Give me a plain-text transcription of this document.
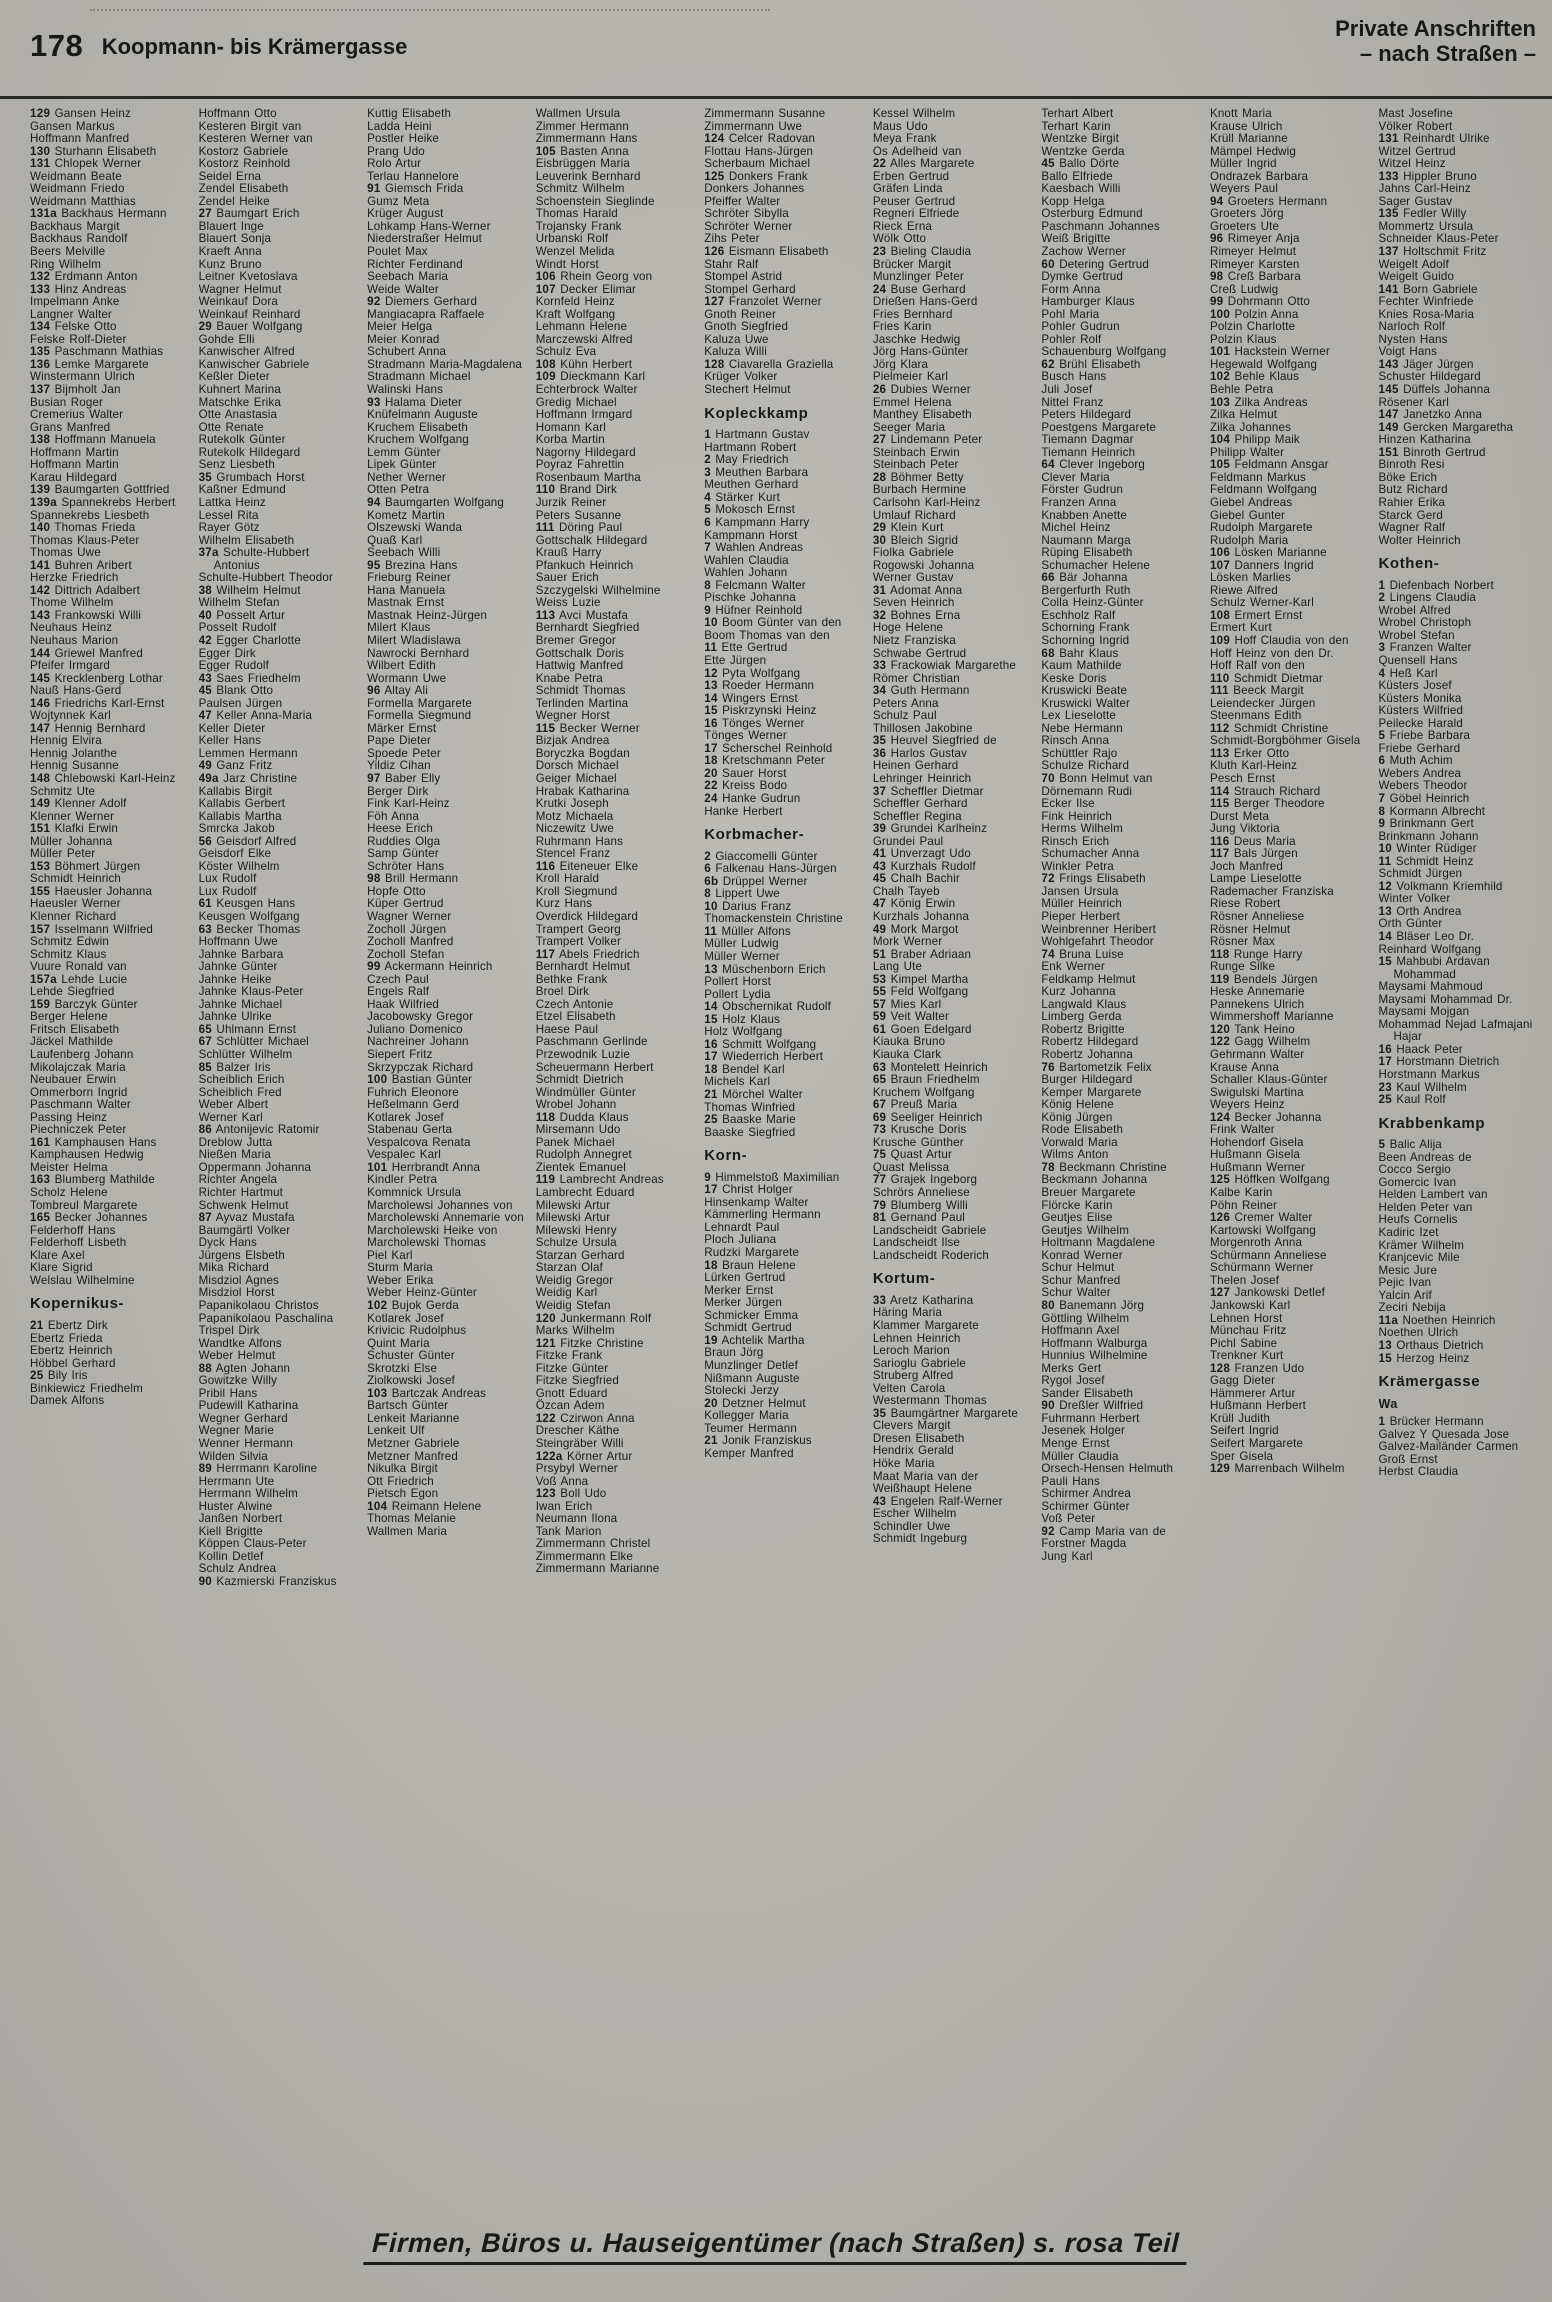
178 Koopmann- bis Krämergasse
Private Anschriften
– nach Straßen –
129 Gansen Heinz
Gansen Markus
Hoffmann Manfred
130 Sturhann Elisabeth
131 Chlopek Werner
Weidmann Beate
Weidmann Friedo
Weidmann Matthias
131a Backhaus Hermann
Backhaus Margit
Backhaus Randolf
Beers Melville
Ring Wilhelm
132 Erdmann Anton
133 Hinz Andreas
Impelmann Anke
Langner Walter
134 Felske Otto
Felske Rolf-Dieter
135 Paschmann Mathias
136 Lemke Margarete
Winstermann Ulrich
137 Bijmholt Jan
Busian Roger
Cremerius Walter
Grans Manfred
138 Hoffmann Manuela
Hoffmann Martin
Hoffmann Martin
Karau Hildegard
139 Baumgarten Gottfried
139a Spannekrebs Herbert
Spannekrebs Liesbeth
140 Thomas Frieda
Thomas Klaus-Peter
Thomas Uwe
141 Buhren Aribert
Herzke Friedrich
142 Dittrich Adalbert
Thome Wilhelm
143 Frankowski Willi
Neuhaus Heinz
Neuhaus Marion
144 Griewel Manfred
Pfeifer Irmgard
145 Krecklenberg Lothar
Nauß Hans-Gerd
146 Friedrichs Karl-Ernst
Wojtynnek Karl
147 Hennig Bernhard
Hennig Elvira
Hennig Jolanthe
Hennig Susanne
148 Chlebowski Karl-Heinz
Schmitz Ute
149 Klenner Adolf
Klenner Werner
151 Klafki Erwin
Müller Johanna
Müller Peter
153 Böhmert Jürgen
Schmidt Heinrich
155 Haeusler Johanna
Haeusler Werner
Klenner Richard
157 Isselmann Wilfried
Schmitz Edwin
Schmitz Klaus
Vuure Ronald van
157a Lehde Lucie
Lehde Siegfried
159 Barczyk Günter
Berger Helene
Fritsch Elisabeth
Jäckel Mathilde
Laufenberg Johann
Mikolajczak Maria
Neubauer Erwin
Ommerborn Ingrid
Paschmann Walter
Passing Heinz
Piechniczek Peter
161 Kamphausen Hans
Kamphausen Hedwig
Meister Helma
163 Blumberg Mathilde
Scholz Helene
Tombreul Margarete
165 Becker Johannes
Felderhoff Hans
Felderhoff Lisbeth
Klare Axel
Klare Sigrid
Welslau Wilhelmine
Kopernikus-
21 Ebertz Dirk
Ebertz Frieda
Ebertz Heinrich
Höbbel Gerhard
25 Bily Iris
Binkiewicz Friedhelm
Damek Alfons
Hoffmann Otto
Kesteren Birgit van
Kesteren Werner van
Kostorz Gabriele
Kostorz Reinhold
Seidel Erna
Zendel Elisabeth
Zendel Heike
27 Baumgart Erich
Blauert Inge
Blauert Sonja
Kraeft Anna
Kunz Bruno
Leitner Kvetoslava
Wagner Helmut
Weinkauf Dora
Weinkauf Reinhard
29 Bauer Wolfgang
Gohde Elli
Kanwischer Alfred
Kanwischer Gabriele
Keßler Dieter
Kuhnert Marina
Matschke Erika
Otte Anastasia
Otte Renate
Rutekolk Günter
Rutekolk Hildegard
Senz Liesbeth
35 Grumbach Horst
Kaßner Edmund
Lattka Heinz
Lessel Rita
Rayer Götz
Wilhelm Elisabeth
37a Schulte-Hubbert Antonius
Schulte-Hubbert Theodor
38 Wilhelm Helmut
Wilhelm Stefan
40 Posselt Artur
Posselt Rudolf
42 Egger Charlotte
Egger Dirk
Egger Rudolf
43 Saes Friedhelm
45 Blank Otto
Paulsen Jürgen
47 Keller Anna-Maria
Keller Dieter
Keller Hans
Lemmen Hermann
49 Ganz Fritz
49a Jarz Christine
Kallabis Birgit
Kallabis Gerbert
Kallabis Martha
Smrcka Jakob
56 Geisdorf Alfred
Geisdorf Elke
Köster Wilhelm
Lux Rudolf
Lux Rudolf
61 Keusgen Hans
Keusgen Wolfgang
63 Becker Thomas
Hoffmann Uwe
Jahnke Barbara
Jahnke Günter
Jahnke Heike
Jahnke Klaus-Peter
Jahnke Michael
Jahnke Ulrike
65 Uhlmann Ernst
67 Schlütter Michael
Schlütter Wilhelm
85 Balzer Iris
Scheiblich Erich
Scheiblich Fred
Weber Albert
Werner Karl
86 Antonijevic Ratomir
Dreblow Jutta
Nießen Maria
Oppermann Johanna
Richter Angela
Richter Hartmut
Schwenk Helmut
87 Ayvaz Mustafa
Baumgärtl Volker
Dyck Hans
Jürgens Elsbeth
Mika Richard
Misdziol Agnes
Misdziol Horst
Papanikolaou Christos
Papanikolaou Paschalina
Trispel Dirk
Wandtke Alfons
Weber Helmut
88 Agten Johann
Gowitzke Willy
Pribil Hans
Pudewill Katharina
Wegner Gerhard
Wegner Marie
Wenner Hermann
Wilden Silvia
89 Herrmann Karoline
Herrmann Ute
Herrmann Wilhelm
Huster Alwine
Janßen Norbert
Kiell Brigitte
Köppen Claus-Peter
Kollin Detlef
Schulz Andrea
90 Kazmierski Franziskus
Kuttig Elisabeth
Ladda Heini
Postler Heike
Prang Udo
Rolo Artur
Terlau Hannelore
91 Giemsch Frida
Gumz Meta
Krüger August
Lohkamp Hans-Werner
Niederstraßer Helmut
Poulet Max
Richter Ferdinand
Seebach Maria
Weide Walter
92 Diemers Gerhard
Mangiacapra Raffaele
Meier Helga
Meier Konrad
Schubert Anna
Stradmann Maria-Magdalena
Stradmann Michael
Walinski Hans
93 Halama Dieter
Knüfelmann Auguste
Kruchem Elisabeth
Kruchem Wolfgang
Lemm Günter
Lipek Günter
Nether Werner
Otten Petra
94 Baumgarten Wolfgang
Kometz Martin
Olszewski Wanda
Quaß Karl
Seebach Willi
95 Brezina Hans
Frieburg Reiner
Hana Manuela
Mastnak Ernst
Mastnak Heinz-Jürgen
Milert Klaus
Milert Wladislawa
Nawrocki Bernhard
Wilbert Edith
Wormann Uwe
96 Altay Ali
Formella Margarete
Formella Siegmund
Märker Ernst
Pape Dieter
Spoede Peter
Yildiz Cihan
97 Baber Elly
Berger Dirk
Fink Karl-Heinz
Föh Anna
Heese Erich
Ruddies Olga
Samp Günter
Schröter Hans
98 Brill Hermann
Hopfe Otto
Küper Gertrud
Wagner Werner
Zocholl Jürgen
Zocholl Manfred
Zocholl Stefan
99 Ackermann Heinrich
Czech Paul
Engels Ralf
Haak Wilfried
Jacobowsky Gregor
Juliano Domenico
Nachreiner Johann
Siepert Fritz
Skrzypczak Richard
100 Bastian Günter
Fuhrich Eleonore
Heßelmann Gerd
Kotlarek Josef
Stabenau Gerta
Vespalcova Renata
Vespalec Karl
101 Herrbrandt Anna
Kindler Petra
Kommnick Ursula
Marcholewsi Johannes von
Marcholewski Annemarie von
Marcholewski Heike von
Marcholewski Thomas
Piel Karl
Sturm Maria
Weber Erika
Weber Heinz-Günter
102 Bujok Gerda
Kotlarek Josef
Krivicic Rudolphus
Quint Maria
Schuster Günter
Skrotzki Else
Ziolkowski Josef
103 Bartczak Andreas
Bartsch Günter
Lenkeit Marianne
Lenkeit Ulf
Metzner Gabriele
Metzner Manfred
Nikulka Birgit
Ott Friedrich
Pietsch Egon
104 Reimann Helene
Thomas Melanie
Wallmen Maria
Wallmen Ursula
Zimmer Hermann
Zimmermann Hans
105 Basten Anna
Eisbrüggen Maria
Leuverink Bernhard
Schmitz Wilhelm
Schoenstein Sieglinde
Thomas Harald
Trojansky Frank
Urbanski Rolf
Wenzel Melida
Windt Horst
106 Rhein Georg von
107 Decker Elimar
Kornfeld Heinz
Kraft Wolfgang
Lehmann Helene
Marczewski Alfred
Schulz Eva
108 Kühn Herbert
109 Dieckmann Karl
Echterbrock Walter
Gredig Michael
Hoffmann Irmgard
Homann Karl
Korba Martin
Nagorny Hildegard
Poyraz Fahrettin
Rosenbaum Martha
110 Brand Dirk
Jurzik Reiner
Peters Susanne
111 Döring Paul
Gottschalk Hildegard
Krauß Harry
Pfankuch Heinrich
Sauer Erich
Szczygelski Wilhelmine
Weiss Luzie
113 Avci Mustafa
Bernhardt Siegfried
Bremer Gregor
Gottschalk Doris
Hattwig Manfred
Knabe Petra
Schmidt Thomas
Terlinden Martina
Wegner Horst
115 Becker Werner
Bizjak Andrea
Boryczka Bogdan
Dorsch Michael
Geiger Michael
Hrabak Katharina
Krutki Joseph
Motz Michaela
Niczewitz Uwe
Ruhrmann Hans
Stencel Franz
116 Eiteneuer Elke
Kroll Harald
Kroll Siegmund
Kurz Hans
Overdick Hildegard
Trampert Georg
Trampert Volker
117 Abels Friedrich
Bernhardt Helmut
Bethke Frank
Broel Dirk
Czech Antonie
Etzel Elisabeth
Haese Paul
Paschmann Gerlinde
Przewodnik Luzie
Scheuermann Herbert
Schmidt Dietrich
Windmüller Günter
Wrobel Johann
118 Dudda Klaus
Mirsemann Udo
Panek Michael
Rudolph Annegret
Zientek Emanuel
119 Lambrecht Andreas
Lambrecht Eduard
Milewski Artur
Milewski Artur
Milewski Henry
Schulze Ursula
Starzan Gerhard
Starzan Olaf
Weidig Gregor
Weidig Karl
Weidig Stefan
120 Junkermann Rolf
Marks Wilhelm
121 Fitzke Christine
Fitzke Frank
Fitzke Günter
Fitzke Siegfried
Gnott Eduard
Özcan Adem
122 Czirwon Anna
Drescher Käthe
Steingräber Willi
122a Körner Artur
Prsybyl Werner
Voß Anna
123 Boll Udo
Iwan Erich
Neumann Ilona
Tank Marion
Zimmermann Christel
Zimmermann Elke
Zimmermann Marianne
Zimmermann Susanne
Zimmermann Uwe
124 Celcer Radovan
Flottau Hans-Jürgen
Scherbaum Michael
125 Donkers Frank
Donkers Johannes
Pfeiffer Walter
Schröter Sibylla
Schröter Werner
Zihs Peter
126 Eismann Elisabeth
Stahr Ralf
Stompel Astrid
Stompel Gerhard
127 Franzolet Werner
Gnoth Reiner
Gnoth Siegfried
Kaluza Uwe
Kaluza Willi
128 Ciavarella Graziella
Krüger Volker
Stechert Helmut
Kopleckkamp
1 Hartmann Gustav
Hartmann Robert
2 May Friedrich
3 Meuthen Barbara
Meuthen Gerhard
4 Stärker Kurt
5 Mokosch Ernst
6 Kampmann Harry
Kampmann Horst
7 Wahlen Andreas
Wahlen Claudia
Wahlen Johann
8 Felcmann Walter
Pischke Johanna
9 Hüfner Reinhold
10 Boom Günter van den
Boom Thomas van den
11 Ette Gertrud
Ette Jürgen
12 Pyta Wolfgang
13 Roeder Hermann
14 Wingers Ernst
15 Piskrzynski Heinz
16 Tönges Werner
Tönges Werner
17 Scherschel Reinhold
18 Kretschmann Peter
20 Sauer Horst
22 Kreiss Bodo
24 Hanke Gudrun
Hanke Herbert
Korbmacher-
2 Giaccomelli Günter
6 Falkenau Hans-Jürgen
6b Drüppel Werner
8 Lippert Uwe
10 Darius Franz
Thomackenstein Christine
11 Müller Alfons
Müller Ludwig
Müller Werner
13 Müschenborn Erich
Pollert Horst
Pollert Lydia
14 Obschernikat Rudolf
15 Holz Klaus
Holz Wolfgang
16 Schmitt Wolfgang
17 Wiederrich Herbert
18 Bendel Karl
Michels Karl
21 Mörchel Walter
Thomas Winfried
25 Baaske Marie
Baaske Siegfried
Korn-
9 Himmelstoß Maximilian
17 Christ Holger
Hinsenkamp Walter
Kämmerling Hermann
Lehnardt Paul
Ploch Juliana
Rudzki Margarete
18 Braun Helene
Lürken Gertrud
Merker Ernst
Merker Jürgen
Schmicker Emma
Schmidt Gertrud
19 Achtelik Martha
Braun Jörg
Munzlinger Detlef
Nißmann Auguste
Stolecki Jerzy
20 Detzner Helmut
Kollegger Maria
Teumer Hermann
21 Jonik Franziskus
Kemper Manfred
Kessel Wilhelm
Maus Udo
Meya Frank
Os Adelheid van
22 Alles Margarete
Erben Gertrud
Gräfen Linda
Peuser Gertrud
Regneri Elfriede
Rieck Erna
Wölk Otto
23 Bieling Claudia
Brücker Margit
Munzlinger Peter
24 Buse Gerhard
Drießen Hans-Gerd
Fries Bernhard
Fries Karin
Jaschke Hedwig
Jörg Hans-Günter
Jörg Klara
Pielmeier Karl
26 Dubies Werner
Emmel Helena
Manthey Elisabeth
Seeger Maria
27 Lindemann Peter
Steinbach Erwin
Steinbach Peter
28 Böhmer Betty
Burbach Hermine
Carlsohn Karl-Heinz
Umlauf Richard
29 Klein Kurt
30 Bleich Sigrid
Fiolka Gabriele
Rogowski Johanna
Werner Gustav
31 Adomat Anna
Seven Heinrich
32 Bohnes Erna
Hoge Helene
Nietz Franziska
Schwabe Gertrud
33 Frackowiak Margarethe
Römer Christian
34 Guth Hermann
Peters Anna
Schulz Paul
Thillosen Jakobine
35 Heuvel Siegfried de
36 Harlos Gustav
Heinen Gerhard
Lehringer Heinrich
37 Scheffler Dietmar
Scheffler Gerhard
Scheffler Regina
39 Grundei Karlheinz
Grundei Paul
41 Unverzagt Udo
43 Kurzhals Rudolf
45 Chalh Bachir
Chalh Tayeb
47 König Erwin
Kurzhals Johanna
49 Mork Margot
Mork Werner
51 Braber Adriaan
Lang Ute
53 Kimpel Martha
55 Feld Wolfgang
57 Mies Karl
59 Veit Walter
61 Goen Edelgard
Kiauka Bruno
Kiauka Clark
63 Montelett Heinrich
65 Braun Friedhelm
Kruchem Wolfgang
67 Preuß Maria
69 Seeliger Heinrich
73 Krusche Doris
Krusche Günther
75 Quast Artur
Quast Melissa
77 Grajek Ingeborg
Schrörs Anneliese
79 Blumberg Willi
81 Gernand Paul
Landscheidt Gabriele
Landscheidt Ilse
Landscheidt Roderich
Kortum-
33 Aretz Katharina
Häring Maria
Klammer Margarete
Lehnen Heinrich
Leroch Marion
Sarioglu Gabriele
Struberg Alfred
Velten Carola
Westermann Thomas
35 Baumgärtner Margarete
Clevers Margit
Dresen Elisabeth
Hendrix Gerald
Höke Maria
Maat Maria van der
Weißhaupt Helene
43 Engelen Ralf-Werner
Escher Wilhelm
Schindler Uwe
Schmidt Ingeburg
Terhart Albert
Terhart Karin
Wentzke Birgit
Wentzke Gerda
45 Ballo Dörte
Ballo Elfriede
Kaesbach Willi
Kopp Helga
Osterburg Edmund
Paschmann Johannes
Weiß Brigitte
Zachow Werner
60 Detering Gertrud
Dymke Gertrud
Form Anna
Hamburger Klaus
Pohl Maria
Pohler Gudrun
Pohler Rolf
Schauenburg Wolfgang
62 Brühl Elisabeth
Busch Hans
Juli Josef
Nittel Franz
Peters Hildegard
Poestgens Margarete
Tiemann Dagmar
Tiemann Heinrich
64 Clever Ingeborg
Clever Maria
Förster Gudrun
Franzen Anna
Knabben Anette
Michel Heinz
Naumann Marga
Rüping Elisabeth
Schumacher Helene
66 Bär Johanna
Bergerfurth Ruth
Colla Heinz-Günter
Eschholz Ralf
Schorning Frank
Schorning Ingrid
68 Bahr Klaus
Kaum Mathilde
Keske Doris
Kruswicki Beate
Kruswicki Walter
Lex Lieselotte
Nebe Hermann
Rinsch Anna
Schüttler Rajo
Schulze Richard
70 Bonn Helmut van
Dörnemann Rudi
Ecker Ilse
Fink Heinrich
Herms Wilhelm
Rinsch Erich
Schumacher Anna
Winkler Petra
72 Frings Elisabeth
Jansen Ursula
Müller Heinrich
Pieper Herbert
Weinbrenner Heribert
Wohlgefahrt Theodor
74 Bruna Luise
Enk Werner
Feldkamp Helmut
Kurz Johanna
Langwald Klaus
Limberg Gerda
Robertz Brigitte
Robertz Hildegard
Robertz Johanna
76 Bartometzik Felix
Burger Hildegard
Kemper Margarete
König Helene
König Jürgen
Rode Elisabeth
Vorwald Maria
Wilms Anton
78 Beckmann Christine
Beckmann Johanna
Breuer Margarete
Flörcke Karin
Geutjes Elise
Geutjes Wilhelm
Holtmann Magdalene
Konrad Werner
Schur Helmut
Schur Manfred
Schur Walter
80 Banemann Jörg
Göttling Wilhelm
Hoffmann Axel
Hoffmann Walburga
Hunnius Wilhelmine
Merks Gert
Rygol Josef
Sander Elisabeth
90 Dreßler Wilfried
Fuhrmann Herbert
Jesenek Holger
Menge Ernst
Müller Claudia
Orsech-Hensen Helmuth
Pauli Hans
Schirmer Andrea
Schirmer Günter
Voß Peter
92 Camp Maria van de
Forstner Magda
Jung Karl
Knott Maria
Krause Ulrich
Krüll Marianne
Mämpel Hedwig
Müller Ingrid
Ondrazek Barbara
Weyers Paul
94 Groeters Hermann
Groeters Jörg
Groeters Ute
96 Rimeyer Anja
Rimeyer Helmut
Rimeyer Karsten
98 Creß Barbara
Creß Ludwig
99 Dohrmann Otto
100 Polzin Anna
Polzin Charlotte
Polzin Klaus
101 Hackstein Werner
Hegewald Wolfgang
102 Behle Klaus
Behle Petra
103 Zilka Andreas
Zilka Helmut
Zilka Johannes
104 Philipp Maik
Philipp Walter
105 Feldmann Ansgar
Feldmann Markus
Feldmann Wolfgang
Giebel Andreas
Giebel Gunter
Rudolph Margarete
Rudolph Maria
106 Lösken Marianne
107 Danners Ingrid
Lösken Marlies
Riewe Alfred
Schulz Werner-Karl
108 Ermert Ernst
Ermert Kurt
109 Hoff Claudia von den
Hoff Heinz von den Dr.
Hoff Ralf von den
110 Schmidt Dietmar
111 Beeck Margit
Leiendecker Jürgen
Steenmans Edith
112 Schmidt Christine
Schmidt-Borgböhmer Gisela
113 Erker Otto
Kluth Karl-Heinz
Pesch Ernst
114 Strauch Richard
115 Berger Theodore
Durst Meta
Jung Viktoria
116 Deus Maria
117 Bals Jürgen
Joch Manfred
Lampe Lieselotte
Rademacher Franziska
Riese Robert
Rösner Anneliese
Rösner Helmut
Rösner Max
118 Runge Harry
Runge Silke
119 Bendels Jürgen
Heske Annemarie
Pannekens Ulrich
Wimmershoff Marianne
120 Tank Heino
122 Gagg Wilhelm
Gehrmann Walter
Krause Anna
Schaller Klaus-Günter
Swigulski Martina
Weyers Heinz
124 Becker Johanna
Frink Walter
Hohendorf Gisela
Hußmann Gisela
Hußmann Werner
125 Höffken Wolfgang
Kalbe Karin
Pöhn Reiner
126 Cremer Walter
Kartowski Wolfgang
Morgenroth Anna
Schürmann Anneliese
Schürmann Werner
Thelen Josef
127 Jankowski Detlef
Jankowski Karl
Lehnen Horst
Münchau Fritz
Pichl Sabine
Trenkner Kurt
128 Franzen Udo
Gagg Dieter
Hämmerer Artur
Hußmann Herbert
Krüll Judith
Seifert Ingrid
Seifert Margarete
Sper Gisela
129 Marrenbach Wilhelm
Mast Josefine
Völker Robert
131 Reinhardt Ulrike
Witzel Gertrud
Witzel Heinz
133 Hippler Bruno
Jahns Carl-Heinz
Sager Gustav
135 Fedler Willy
Mommertz Ursula
Schneider Klaus-Peter
137 Holtschmit Fritz
Weigelt Adolf
Weigelt Guido
141 Born Gabriele
Fechter Winfriede
Knies Rosa-Maria
Narloch Rolf
Nysten Hans
Voigt Hans
143 Jäger Jürgen
Schuster Hildegard
145 Düffels Johanna
Rösener Karl
147 Janetzko Anna
149 Gercken Margaretha
Hinzen Katharina
151 Binroth Gertrud
Binroth Resi
Böke Erich
Butz Richard
Rahier Erika
Starck Gerd
Wagner Ralf
Wolter Heinrich
Kothen-
1 Diefenbach Norbert
2 Lingens Claudia
Wrobel Alfred
Wrobel Christoph
Wrobel Stefan
3 Franzen Walter
Quensell Hans
4 Heß Karl
Küsters Josef
Küsters Monika
Küsters Wilfried
Peilecke Harald
5 Friebe Barbara
Friebe Gerhard
6 Muth Achim
Webers Andrea
Webers Theodor
7 Göbel Heinrich
8 Kormann Albrecht
9 Brinkmann Gert
Brinkmann Johann
10 Winter Rüdiger
11 Schmidt Heinz
Schmidt Jürgen
12 Volkmann Kriemhild
Winter Volker
13 Orth Andrea
Orth Günter
14 Bläser Leo Dr.
Reinhard Wolfgang
15 Mahbubi Ardavan Mohammad
Maysami Mahmoud
Maysami Mohammad Dr.
Maysami Mojgan
Mohammad Nejad Lafmajani Hajar
16 Haack Peter
17 Horstmann Dietrich
Horstmann Markus
23 Kaul Wilhelm
25 Kaul Rolf
Krabbenkamp
5 Balic Alija
Been Andreas de
Cocco Sergio
Gomercic Ivan
Helden Lambert van
Helden Peter van
Heufs Cornelis
Kadiric Izet
Krämer Wilhelm
Kranjcevic Mile
Mesic Jure
Pejic Ivan
Yalcin Arif
Zeciri Nebija
11a Noethen Heinrich
Noethen Ulrich
13 Orthaus Dietrich
15 Herzog Heinz
Krämergasse
Wa
1 Brücker Hermann
Galvez Y Quesada Jose
Galvez-Mailänder Carmen
Groß Ernst
Herbst Claudia
Firmen, Büros u. Hauseigentümer (nach Straßen) s. rosa Teil
